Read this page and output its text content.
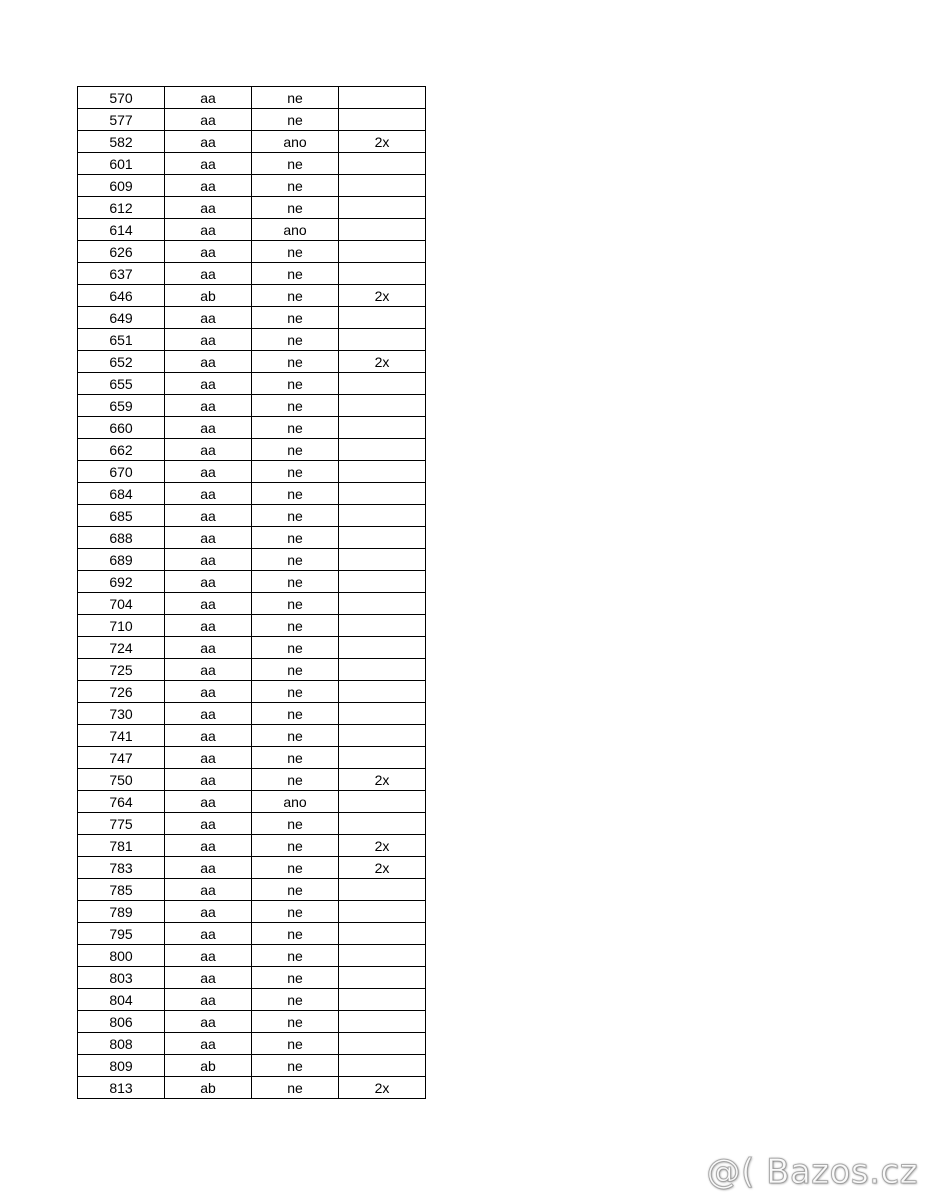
570	aa	ne	
577	aa	ne	
582	aa	ano	2x
601	aa	ne	
609	aa	ne	
612	aa	ne	
614	aa	ano	
626	aa	ne	
637	aa	ne	
646	ab	ne	2x
649	aa	ne	
651	aa	ne	
652	aa	ne	2x
655	aa	ne	
659	aa	ne	
660	aa	ne	
662	aa	ne	
670	aa	ne	
684	aa	ne	
685	aa	ne	
688	aa	ne	
689	aa	ne	
692	aa	ne	
704	aa	ne	
710	aa	ne	
724	aa	ne	
725	aa	ne	
726	aa	ne	
730	aa	ne	
741	aa	ne	
747	aa	ne	
750	aa	ne	2x
764	aa	ano	
775	aa	ne	
781	aa	ne	2x
783	aa	ne	2x
785	aa	ne	
789	aa	ne	
795	aa	ne	
800	aa	ne	
803	aa	ne	
804	aa	ne	
806	aa	ne	
808	aa	ne	
809	ab	ne	
813	ab	ne	2x
@( Bazos.cz
